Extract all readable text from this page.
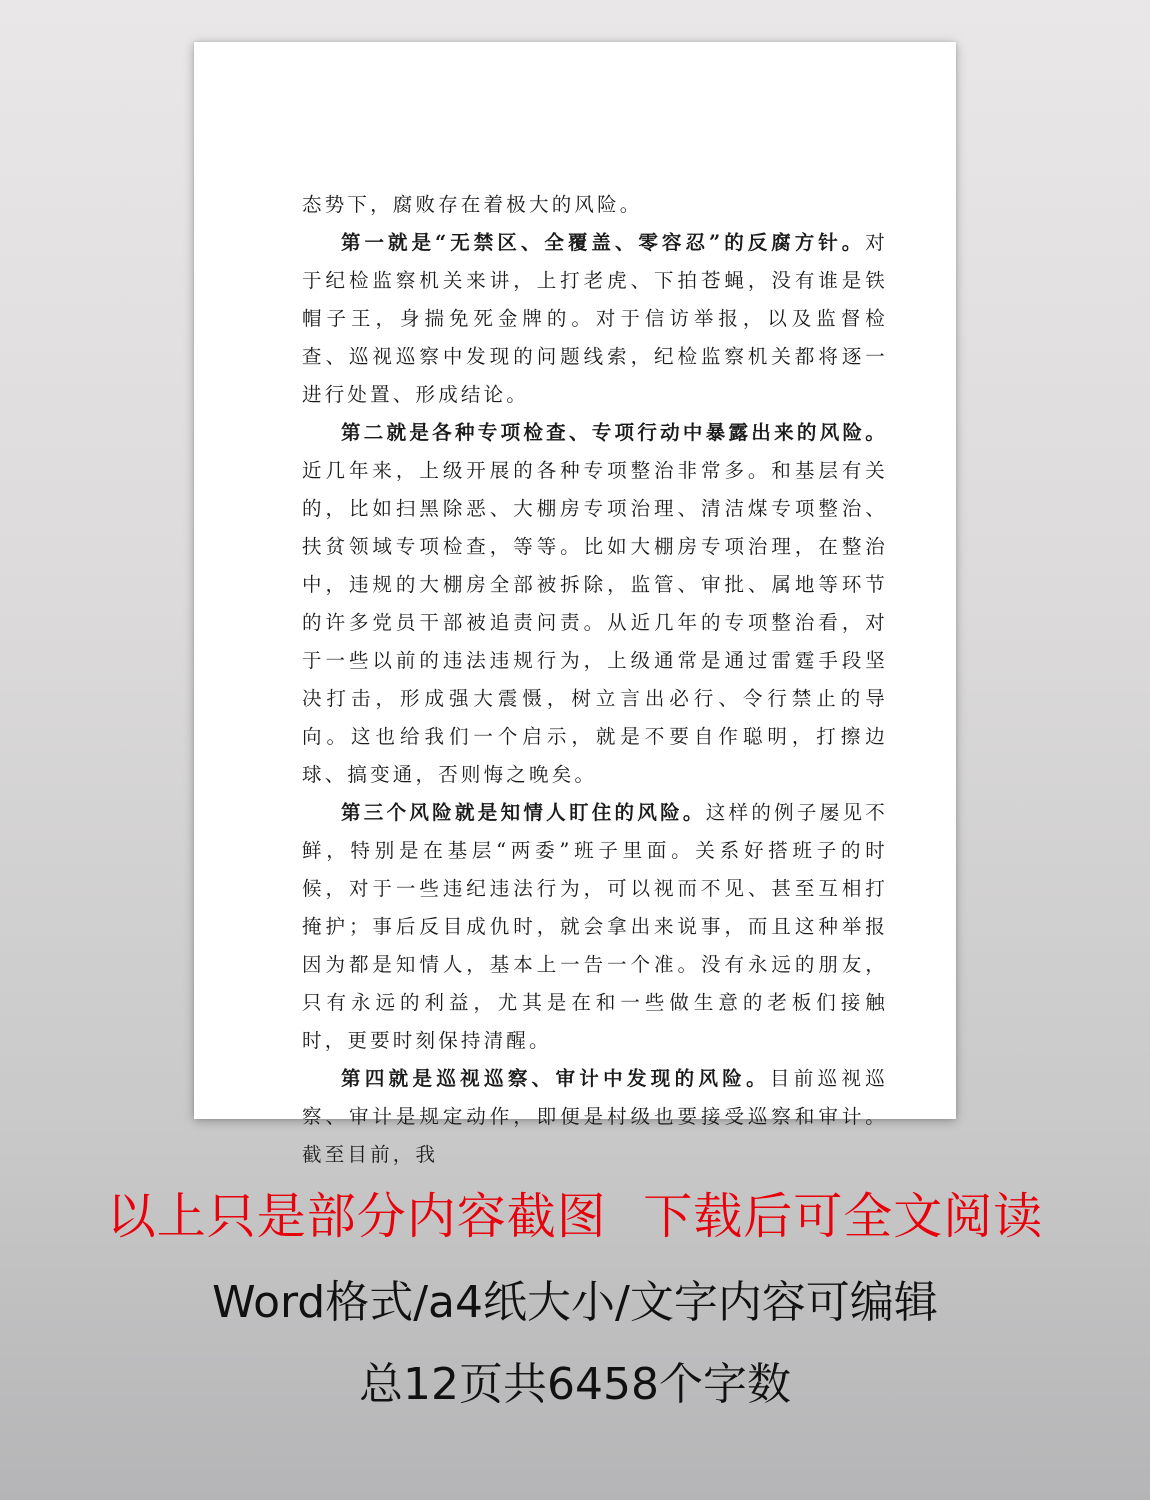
态势下，腐败存在着极大的风险。

第一就是“无禁区、全覆盖、零容忍”的反腐方针。对于纪检监察机关来讲，上打老虎、下拍苍蝇，没有谁是铁帽子王，身揣免死金牌的。对于信访举报，以及监督检查、巡视巡察中发现的问题线索，纪检监察机关都将逐一进行处置、形成结论。

第二就是各种专项检查、专项行动中暴露出来的风险。近几年来，上级开展的各种专项整治非常多。和基层有关的，比如扫黑除恶、大棚房专项治理、清洁煤专项整治、扶贫领域专项检查，等等。比如大棚房专项治理，在整治中，违规的大棚房全部被拆除，监管、审批、属地等环节的许多党员干部被追责问责。从近几年的专项整治看，对于一些以前的违法违规行为，上级通常是通过雷霆手段坚决打击，形成强大震慑，树立言出必行、令行禁止的导向。这也给我们一个启示，就是不要自作聪明，打擦边球、搞变通，否则悔之晚矣。

第三个风险就是知情人盯住的风险。这样的例子屡见不鲜，特别是在基层“两委”班子里面。关系好搭班子的时候，对于一些违纪违法行为，可以视而不见、甚至互相打掩护；事后反目成仇时，就会拿出来说事，而且这种举报因为都是知情人，基本上一告一个准。没有永远的朋友，只有永远的利益，尤其是在和一些做生意的老板们接触时，更要时刻保持清醒。

第四就是巡视巡察、审计中发现的风险。目前巡视巡察、审计是规定动作，即便是村级也要接受巡察和审计。截至目前，我

以上只是部分内容截图 下载后可全文阅读
Word格式/a4纸大小/文字内容可编辑
总12页共6458个字数
